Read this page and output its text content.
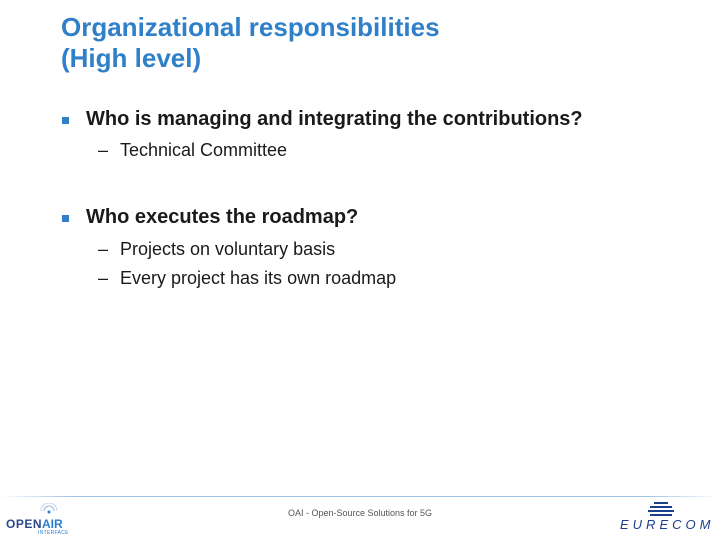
Organizational responsibilities
(High level)
Who is managing and integrating the contributions?
– Technical Committee
Who executes the roadmap?
– Projects on voluntary basis
– Every project has its own roadmap
OAI - Open-Source Solutions for 5G
OPEN AIR
INTERFACE
EURECOM
